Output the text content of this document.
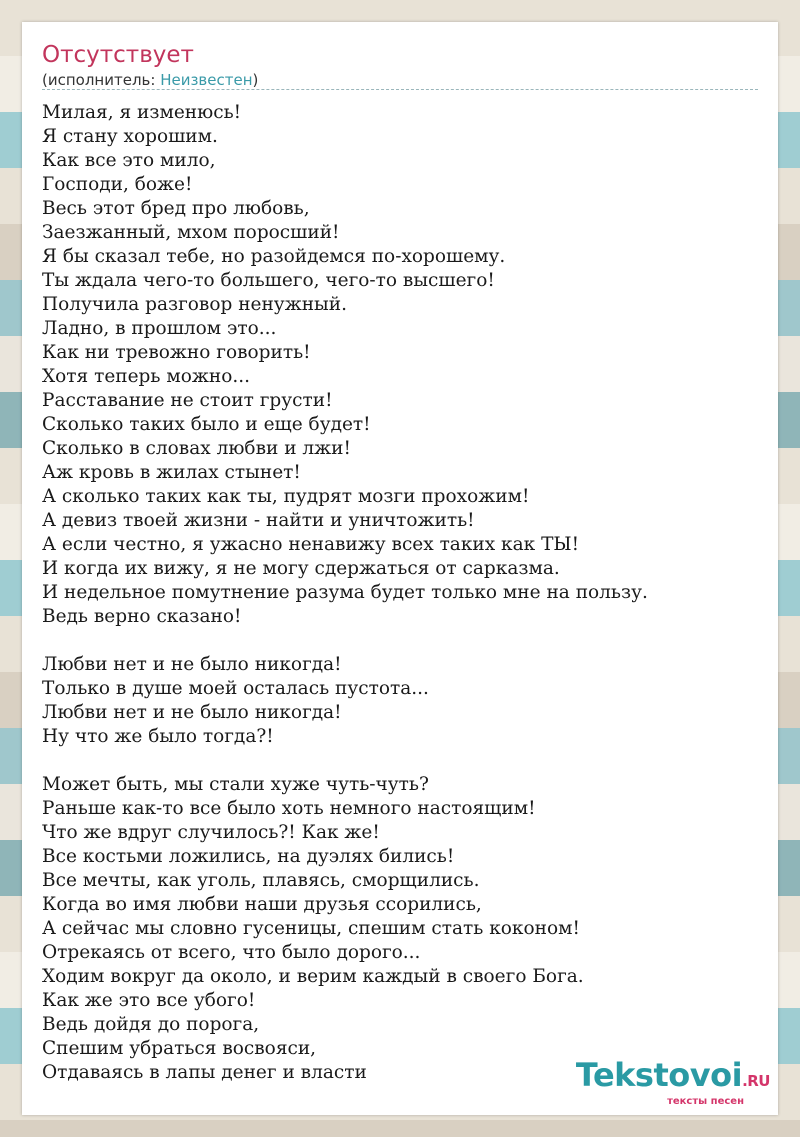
Отсутствует
(исполнитель: Неизвестен)
Милая, я изменюсь!
Я стану хорошим.
Как все это мило,
Господи, боже!
Весь этот бред про любовь,
Заезжанный, мхом поросший!
Я бы сказал тебе, но разойдемся по-хорошему.
Ты ждала чего-то большего, чего-то высшего!
Получила разговор ненужный.
Ладно, в прошлом это...
Как ни тревожно говорить!
Хотя теперь можно...
Расставание не стоит грусти!
Сколько таких было и еще будет!
Сколько в словах любви и лжи!
Аж кровь в жилах стынет!
А сколько таких как ты, пудрят мозги прохожим!
А девиз твоей жизни - найти и уничтожить!
А если честно, я ужасно ненавижу всех таких как ТЫ!
И когда их вижу, я не могу сдержаться от сарказма.
И недельное помутнение разума будет только мне на пользу.
Ведь верно сказано!

Любви нет и не было никогда!
Только в душе моей осталась пустота...
Любви нет и не было никогда!
Ну что же было тогда?!

Может быть, мы стали хуже чуть-чуть?
Раньше как-то все было хоть немного настоящим!
Что же вдруг случилось?! Как же!
Все костьми ложились, на дуэлях бились!
Все мечты, как уголь, плавясь, сморщились.
Когда во имя любви наши друзья ссорились,
А сейчас мы словно гусеницы, спешим стать коконом!
Отрекаясь от всего, что было дорого...
Ходим вокруг да около, и верим каждый в своего Бога.
Как же это все убого!
Ведь дойдя до порога,
Спешим убраться восвояси,
Отдаваясь в лапы денег и власти	Tekstovoi.RU
тексты песен
